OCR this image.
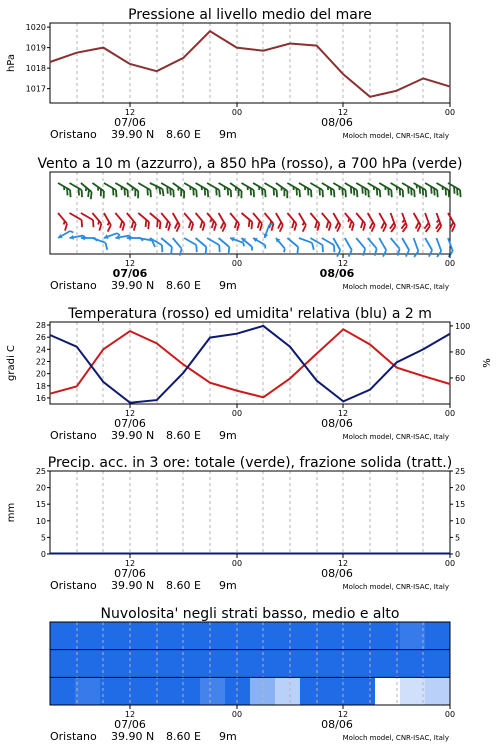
Pressione al livello medio del mare
1017
1018
1019
1020
hPa
12	00	12	00
07/06	08/06
Oristano 39.90 N 8.60 E 9m	Moloch model, CNR-ISAC, Italy
Vento a 10 m (azzurro), a 850 hPa (rosso), a 700 hPa (verde)
12	00	12	00
07/06	08/06
Oristano 39.90 N 8.60 E 9m	Moloch model, CNR-ISAC, Italy
Temperatura (rosso) ed umidita' relativa (blu) a 2 m
16
18
20
22
24
26
28
60
80
100
gradi C	%
12	00	12	00
07/06	08/06
Oristano 39.90 N 8.60 E 9m	Moloch model, CNR-ISAC, Italy
Precip. acc. in 3 ore: totale (verde), frazione solida (tratt.)
0
5
10
15
20
25
0
5
10
15
20
25
mm
12	00	12	00
07/06	08/06
Oristano 39.90 N 8.60 E 9m	Moloch model, CNR-ISAC, Italy
Nuvolosita' negli strati basso, medio e alto
12	00	12	00
07/06	08/06
Oristano 39.90 N 8.60 E 9m	Moloch model, CNR-ISAC, Italy
